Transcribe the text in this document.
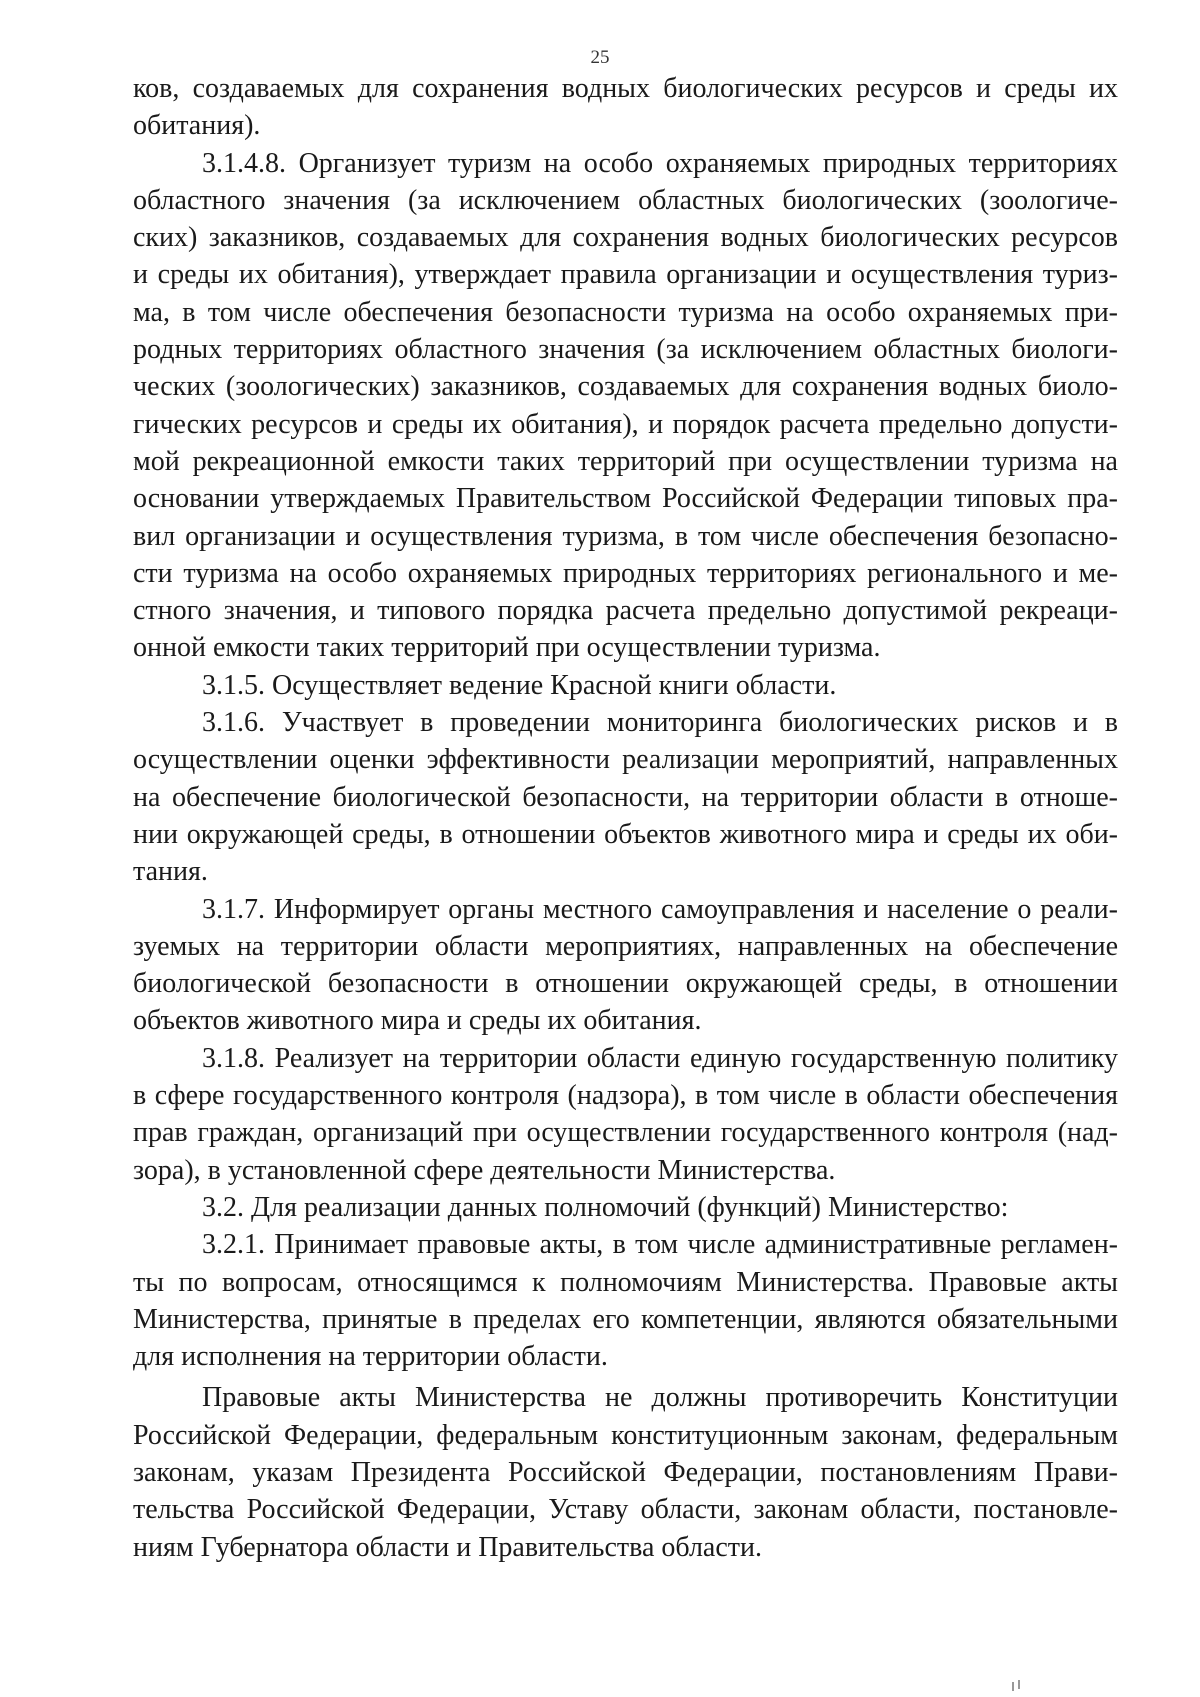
25

ков, создаваемых для сохранения водных биологических ресурсов и среды их
обитания).

3.1.4.8. Организует туризм на особо охраняемых природных территориях
областного значения (за исключением областных биологических (зоологиче-
ских) заказников, создаваемых для сохранения водных биологических ресурсов
и среды их обитания), утверждает правила организации и осуществления туриз-
ма, в том числе обеспечения безопасности туризма на особо охраняемых при-
родных территориях областного значения (за исключением областных биологи-
ческих (зоологических) заказников, создаваемых для сохранения водных биоло-
гических ресурсов и среды их обитания), и порядок расчета предельно допусти-
мой рекреационной емкости таких территорий при осуществлении туризма на
основании утверждаемых Правительством Российской Федерации типовых пра-
вил организации и осуществления туризма, в том числе обеспечения безопасно-
сти туризма на особо охраняемых природных территориях регионального и ме-
стного значения, и типового порядка расчета предельно допустимой рекреаци-
онной емкости таких территорий при осуществлении туризма.

3.1.5. Осуществляет ведение Красной книги области.

3.1.6. Участвует в проведении мониторинга биологических рисков и в
осуществлении оценки эффективности реализации мероприятий, направленных
на обеспечение биологической безопасности, на территории области в отноше-
нии окружающей среды, в отношении объектов животного мира и среды их оби-
тания.

3.1.7. Информирует органы местного самоуправления и население о реали-
зуемых на территории области мероприятиях, направленных на обеспечение
биологической безопасности в отношении окружающей среды, в отношении
объектов животного мира и среды их обитания.

3.1.8. Реализует на территории области единую государственную политику
в сфере государственного контроля (надзора), в том числе в области обеспечения
прав граждан, организаций при осуществлении государственного контроля (над-
зора), в установленной сфере деятельности Министерства.

3.2. Для реализации данных полномочий (функций) Министерство:

3.2.1. Принимает правовые акты, в том числе административные регламен-
ты по вопросам, относящимся к полномочиям Министерства. Правовые акты
Министерства, принятые в пределах его компетенции, являются обязательными
для исполнения на территории области.

Правовые акты Министерства не должны противоречить Конституции
Российской Федерации, федеральным конституционным законам, федеральным
законам, указам Президента Российской Федерации, постановлениям Прави-
тельства Российской Федерации, Уставу области, законам области, постановле-
ниям Губернатора области и Правительства области.
